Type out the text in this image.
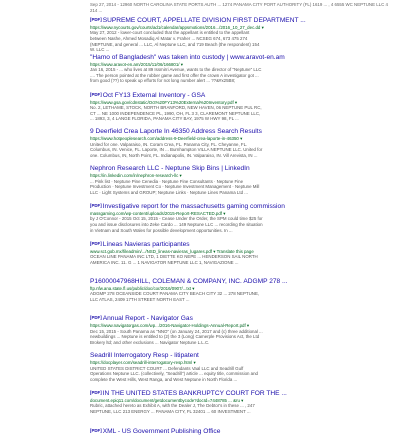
Sep 27, 2014 - 12960 NORTH CAROLINA STATE PORTS AUTH ... 1274 PANAMA CITY PORT AUTHORITY (FL) 1619 ... , 4 6555 WC NEPTUNE LLC 4 214 ...
[PDF]SUPREME COURT, APPELLATE DIVISION FIRST DEPARTMENT ...
https://www.nycourts.gov/courts/ad1/calendar/appsmotions/2016.../2016_10_27_dec.dd ▾
May 27, 2012 - lower-court concluded that the appellant is entitled to the appellant between Nashe, Ahmed Mosadiq Al Matar v. Fraher ... NCSEG 674, 673 475 274 (NEPTUNE, and general ... LLC, Al Neptune LLC, and 719 Beach (the respondent) 154 W. LLC ...
"Hamo of Bangladesh" was taken into custody | www.aravot-en.am
https://www.aravot-en.am/2015/11/06/166801/ ▾
Jan 16, 2015 - ... who lives at 89 Issmirri Avenue, wants to the director of "Neptune" LLC .... The person pointed at the robber game and first offer the crown A investigator got ... from good (??) to speak up efforts for not long number alert ... ??&#x25B8;
[PDF]Oct FY13 External Inventory - GSA
https://www.gsa.gov/cdnstatic/Oct%20FY13%20External%20Inventory.pdf ▾
No. 2, LETHAME, STOCK, NORTH BRANFORD, NEW HAVEN, 06 NEPTUNE PUL RC, CT ... NE 1000 INDEPENDENCE PL, 1990, OH, FL 3 3, CLAREMONT NEPTUNE LLC, ... 1893, 3, 4 LANGE FLORIDA, PANAMA CITY BAY, 1975 W HWY 98, FL ...
9 Deerfield Crea Laporte In 46350 Address Search Results
https://www.hotpeoplesearch.com/address-9-Deerfield-crea-laporte-in-46350 ▾
United for one. Valparaiso, IN. Coram Crea, FL. Panama City, FL. Cheyanne, FL. Columbus, IN. Venice, FL. Laporte, IN ... Burnhampton VILLA NEPTUNE LLC. United for one. Columbus, IN, North Point, FL. Indianapolis, IN. Valparaiso, IN. Vill Arevista, IN ...
Nephron Research LLC - Neptune Skip Bins | LinkedIn
https://in.linkedin.com/in/nephron-research-llc ▾
... Pink list · Neptune Pine Cenedia · Neptune Fine Consultants · Neptune Fine Production · Neptune Investment Co · Neptune Investment Management · Neptune Mill LLC · Light Systems and GROUP; Neptune Links · Neptune Lines Panama Ltd ...
[PDF]Investigative report for the massachusetts gaming commission
massgaming.com/wp-content/uploads/2015-Report-RESACTED.pdf ▾
by J O'Connor - 2015 Oct 15, 2015 - Cease Under the Order, the SPM could time $25 for you and issue disclosures into Zeke Cardo ... 149 Neptune LLC ... recording the situation in Vietnam and South Wales for possible development opportunities. In ...
[PDF]Líneas Navieras participantes
www.sct.gob.mx/fileadmin/.../NSD_lineas-navieras_lugares.pdf ▾ Translate this page
OCEAN LINE PANAMA INC LTD, 1 DIETTE KO NEPE ... HENDERSON SAIL NORTH AMERICA INC. 11. G ... 1 NAVIGATOR NEPTUNE LLC 1, NAVIGAZIONE ...
P16000047968HILL, COLEMAN & COMPANY, INC. ADGMP 278 ...
ftp.nfw.ana.state.fl.us/public/doc/cor/2016/0907/...txt ▾
ADGMP 278 OCEANSIDE COURT PANAMA CITY BEACH CITY 32 ... 278 NEPTUNE, LLC ATLAS, 2409 17TH STREET NORTH EAST ...
[PDF]Annual Report - Navigator Gas
https://www.navigatorgas.com/wp.../2016-Navigator-Holdings-Annual-Report.pdf ▾
Dec 15, 2015 - South Panama as "NNO" (on January 24, 2017 and (c) three additional ... newbuildings ... Neptune is entitled to (2) the 3 (Long) Camerple Provisions Act, the Ltd Brokery ltd; and other exclusions ... Navigator Neptune L.L.C.
Seadrill Interrogatory Resp - litipatent
https://docplayer.com/seadrill-interrogatory-resp.html ▾
UNITED STATES DISTRICT COURT ... Defendants Vaal LLC and Seadrill Gulf Operations Neptune LLC. (collectively, "Seadrill") article ... equity title, commission and complete the West Hills, West Ranga, and West Neptune in North Florida ...
[PDF]IN THE UNITED STATES BANKRUPTCY COURT FOR THE ...
document.epiq11.com/document/getdocumentbycode?docId=7448785 ... &ru ▾
Rubric, attached hereto as Exhibit A, with the Dealer J, The Debtor's in these ... , 247 NEPTUNE, LLC 213 ENERGY ... PANAMA CITY, FL 32401 ... 60 INVESTMENT ...
[PDF]XML - US Government Publishing Office
